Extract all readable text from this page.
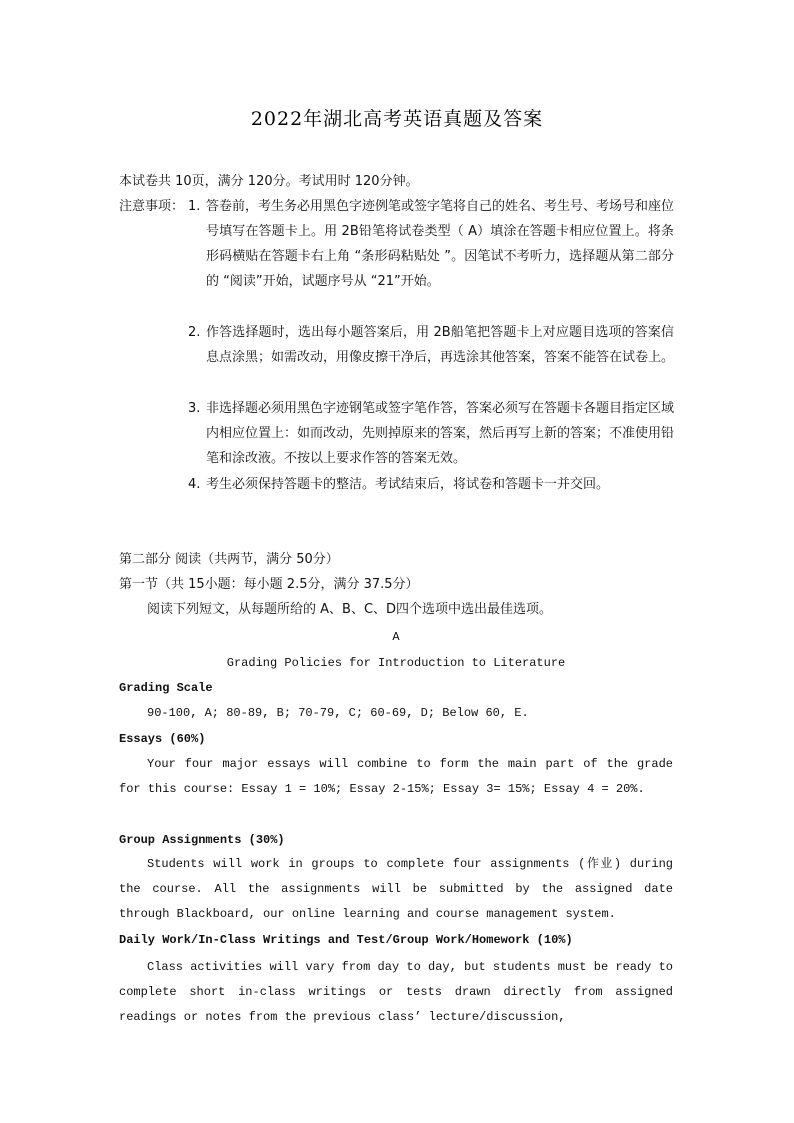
2022年湖北高考英语真题及答案
本试卷共 10页，满分 120分。考试用时 120分钟。
注意事项： 1. 答卷前，考生务必用黑色字迹例笔或签字笔将自己的姓名、考生号、考场号和座位号填写在答题卡上。用 2B铅笔将试卷类型（ A）填涂在答题卡相应位置上。将条形码横贴在答题卡右上角 “条形码粘贴处 ”。因笔试不考听力，选择题从第二部分的 “阅读”开始，试题序号从 “21”开始。
2. 作答选择题时，选出每小题答案后，用 2B船笔把答题卡上对应题目选项的答案信息点涂黑；如需改动，用像皮擦干净后，再选涂其他答案，答案不能答在试卷上。
3. 非选择题必须用黑色字迹钢笔或签字笔作答，答案必须写在答题卡各题目指定区域内相应位置上：如而改动，先则掉原来的答案，然后再写上新的答案；不准使用铅笔和涂改液。不按以上要求作答的答案无效。
4. 考生必须保持答题卡的整洁。考试结束后，将试卷和答题卡一并交回。
第二部分 阅读（共两节，满分 50分）
第一节（共 15小题：每小题 2.5分，满分 37.5分）
阅读下列短文，从每题所给的 A、B、C、D四个选项中选出最佳选项。
A
Grading Policies for Introduction to Literature
Grading Scale
90-100, A; 80-89, B; 70-79, C; 60-69, D; Below 60, E.
Essays (60%)
Your four major essays will combine to form the main part of the grade for this course: Essay 1 = 10%; Essay 2-15%; Essay 3= 15%; Essay 4 = 20%.
Group Assignments (30%)
Students will work in groups to complete four assignments (作业) during the course. All the assignments will be submitted by the assigned date through Blackboard, our online learning and course management system.
Daily Work/In-Class Writings and Test/Group Work/Homework (10%)
Class activities will vary from day to day, but students must be ready to complete short in-class writings or tests drawn directly from assigned readings or notes from the previous class’ lecture/discussion,
